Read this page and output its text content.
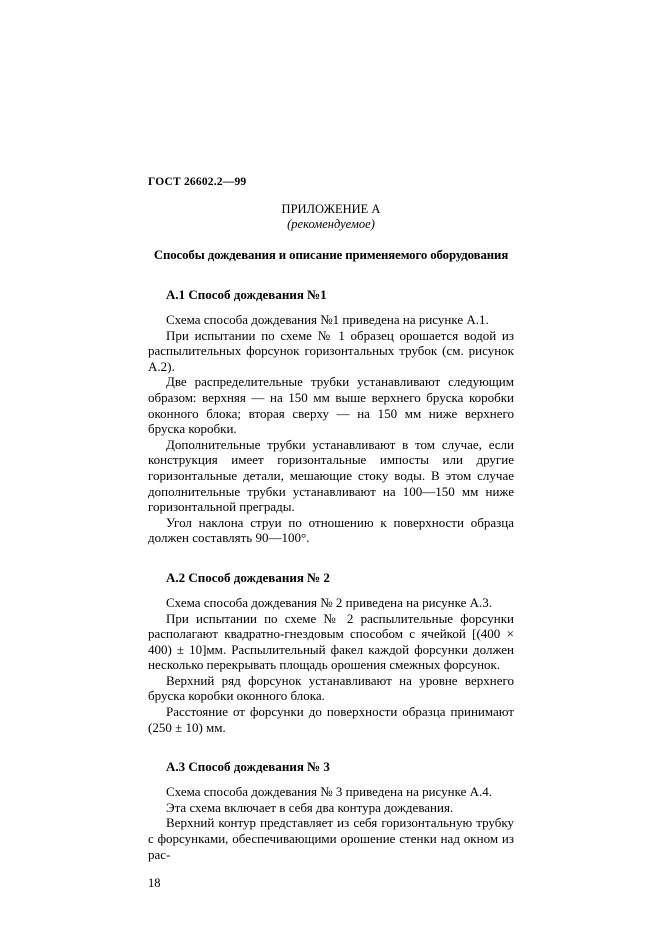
ГОСТ 26602.2—99
ПРИЛОЖЕНИЕ А
(рекомендуемое)
Способы дождевания и описание применяемого оборудования
А.1 Способ дождевания №1

Схема способа дождевания №1 приведена на рисунке А.1.

При испытании по схеме № 1 образец орошается водой из распылительных форсунок горизонтальных трубок (см. рисунок А.2).

Две распределительные трубки устанавливают следующим образом: верхняя — на 150 мм выше верхнего бруска коробки оконного блока; вторая сверху — на 150 мм ниже верхнего бруска коробки.

Дополнительные трубки устанавливают в том случае, если конструкция имеет горизонтальные импосты или другие горизонтальные детали, мешающие стоку воды. В этом случае дополнительные трубки устанавливают на 100—150 мм ниже горизонтальной преграды.

Угол наклона струи по отношению к поверхности образца должен составлять 90—100°.

А.2 Способ дождевания № 2

Схема способа дождевания № 2 приведена на рисунке А.3.

При испытании по схеме № 2 распылительные форсунки располагают квадратно-гнездовым способом с ячейкой [(400 × 400) ± 10]мм. Распылительный факел каждой форсунки должен несколько перекрывать площадь орошения смежных форсунок.

Верхний ряд форсунок устанавливают на уровне верхнего бруска коробки оконного блока.

Расстояние от форсунки до поверхности образца принимают (250 ± 10) мм.

А.3 Способ дождевания № 3

Схема способа дождевания № 3 приведена на рисунке А.4.

Эта схема включает в себя два контура дождевания.

Верхний контур представляет из себя горизонтальную трубку с форсунками, обеспечивающими орошение стенки над окном из рас-

18
